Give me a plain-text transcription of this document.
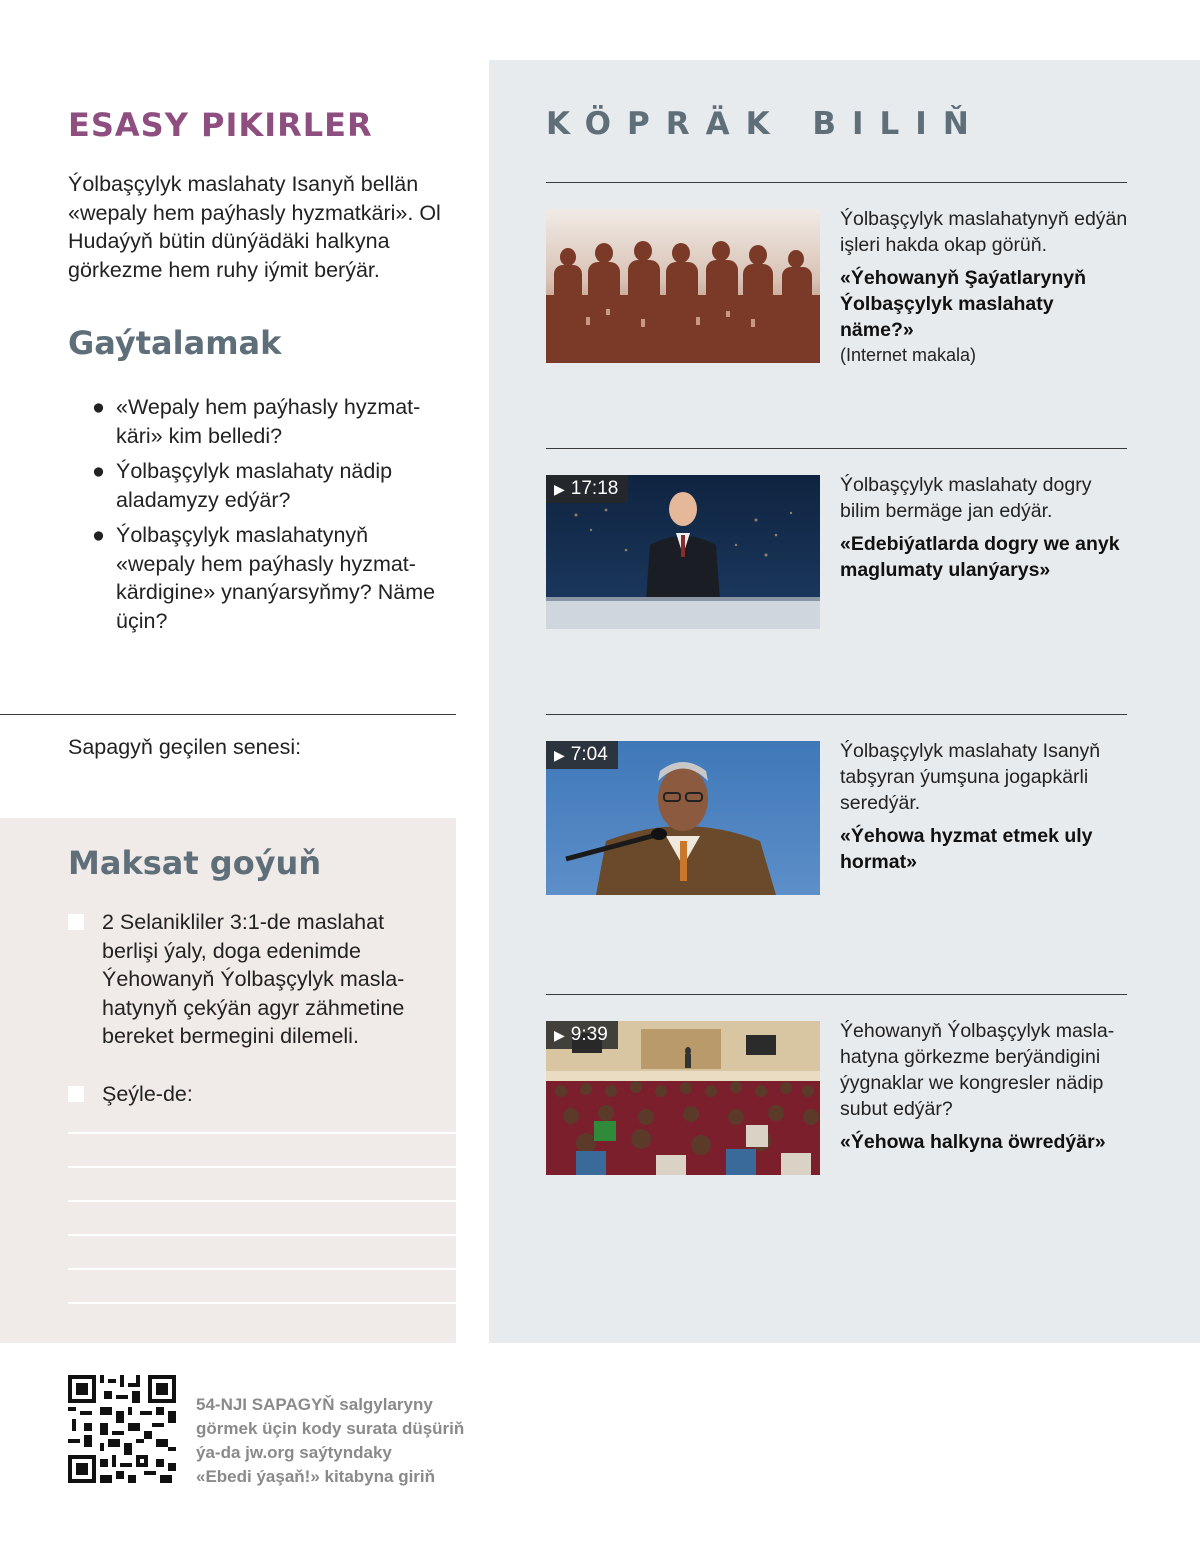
KÖPRÄK BILIŇ
Ýolbaşçylyk maslahatynyň edýän işleri hakda okap görüň.
«Ýehowanyň Şaýatlarynyň Ýolbaşçylyk maslahaty näme?»
(Internet makala)
▶ 17:18	Ýolbaşçylyk maslahaty dogry bilim bermäge jan edýär.
«Edebiýatlarda dogry we anyk maglumaty ulanýarys»
▶ 7:04	Ýolbaşçylyk maslahaty Isanyň tabşyran ýumşuna jogapkärli seredýär.
«Ýehowa hyzmat etmek uly hormat»
▶ 9:39	Ýehowanyň Ýolbaşçylyk masla-hatyna görkezme berýändigini ýygnaklar we kongresler nädip subut edýär?
«Ýehowa halkyna öwredýär»
ESASY PIKIRLER
Ýolbaşçylyk maslahaty Isanyň bellän «wepaly hem paýhasly hyzmatkäri». Ol Hudaýyň bütin dünýädäki halkyna görkezme hem ruhy iýmit berýär.
Gaýtalamak
● «Wepaly hem paýhasly hyzmat-käri» kim belledi?
● Ýolbaşçylyk maslahaty nädip aladamyzy edýär?
● Ýolbaşçylyk maslahatynyň «wepaly hem paýhasly hyzmat-kärdigine» ynanýarsyňmy? Näme üçin?
Sapagyň geçilen senesi:
Maksat goýuň
2 Selanikliler 3:1-de maslahat berlişi ýaly, doga edenimde Ýehowanyň Ýolbaşçylyk masla-hatynyň çekýän agyr zähmetine bereket bermegini dilemeli.
Şeýle-de:
54-NJI SAPAGYŇ salgylaryny
görmek üçin kody surata düşüriň
ýa-da jw.org saýtyndaky
«Ebedi ýaşaň!» kitabyna giriň
